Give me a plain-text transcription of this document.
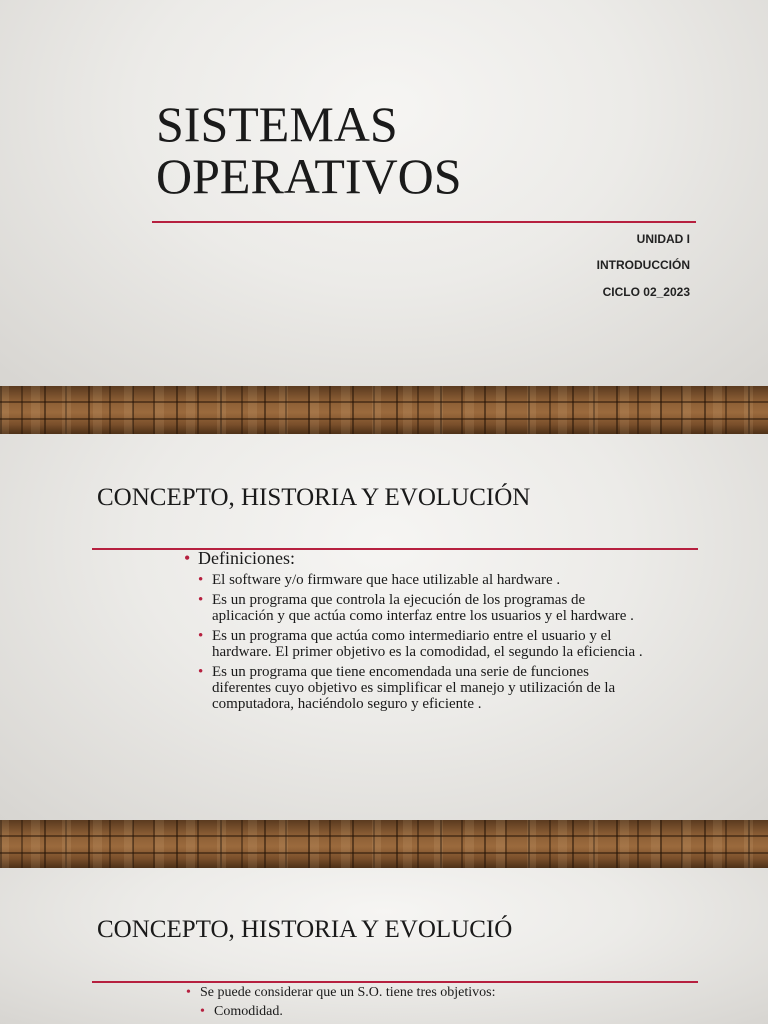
SISTEMAS
OPERATIVOS

UNIDAD I

INTRODUCCIÓN

CICLO 02_2023

CONCEPTO, HISTORIA Y EVOLUCIÓN
• Definiciones:
• El software y/o firmware que hace utilizable al hardware .
• Es un programa que controla la ejecución de los programas de aplicación y que actúa como interfaz entre los usuarios y el hardware .
• Es un programa que actúa como intermediario entre el usuario y el hardware. El primer objetivo es la comodidad, el segundo la eficiencia .
• Es un programa que tiene encomendada una serie de funciones diferentes cuyo objetivo es simplificar el manejo y utilización de la computadora, haciéndolo seguro y eficiente .
CONCEPTO, HISTORIA Y EVOLUCIÓ
• Se puede considerar que un S.O. tiene tres objetivos:
• Comodidad.
